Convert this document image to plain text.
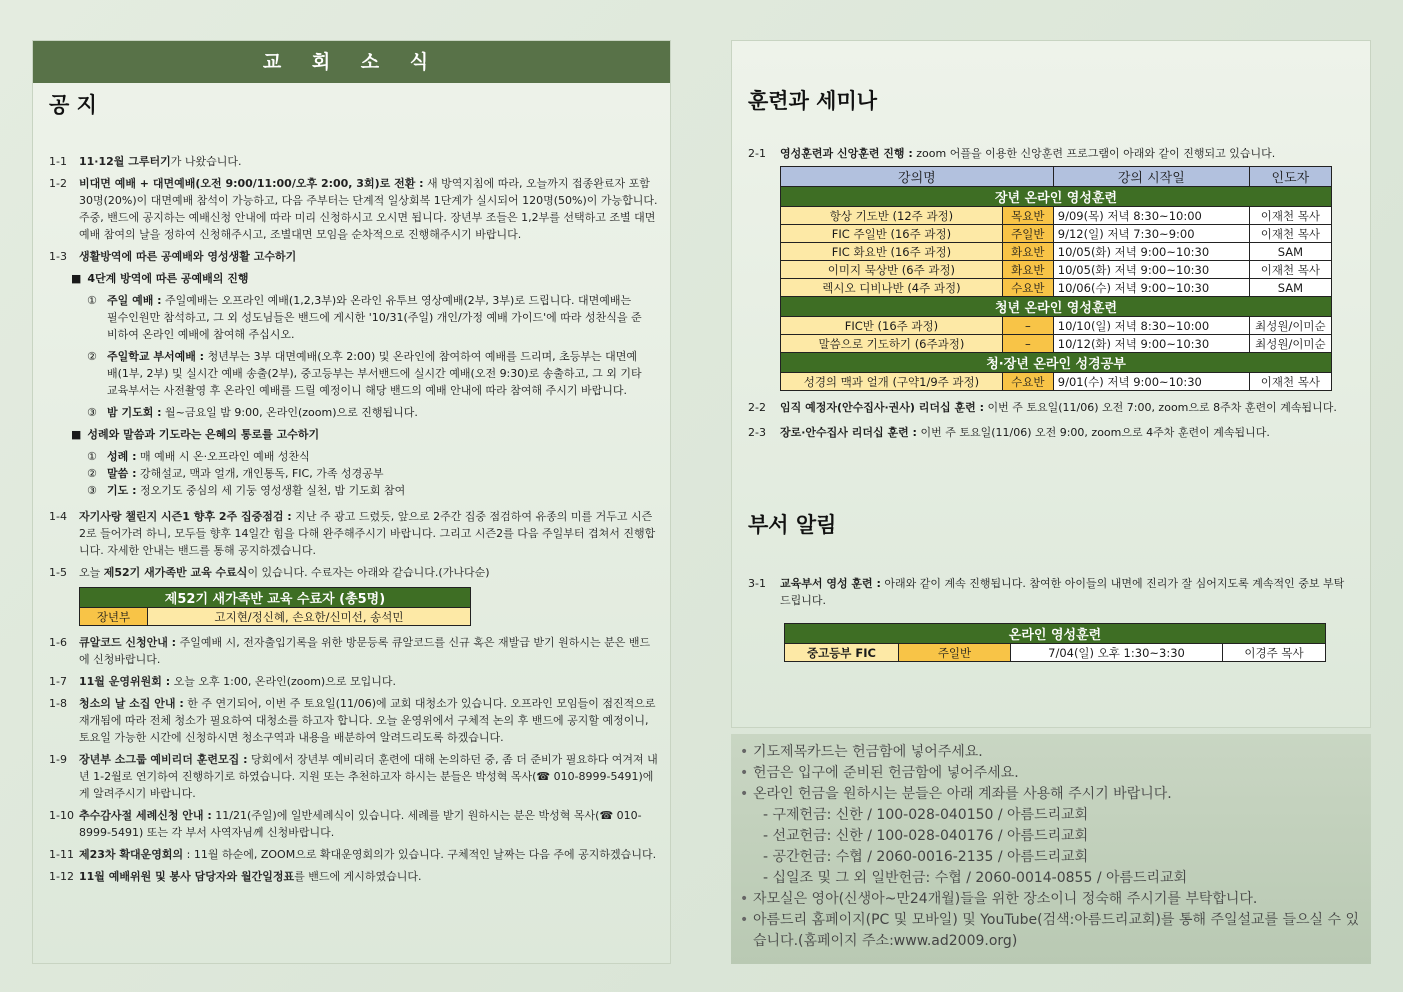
교 회 소 식
공 지
1-1 11·12월 그루터기가 나왔습니다.
1-2 비대면 예배 + 대면예배(오전 9:00/11:00/오후 2:00, 3회)로 전환 : 새 방역지침에 따라, 오늘까지 접종완료자 포함 30명(20%)이 대면예배 참석이 가능하고, 다음 주부터는 단계적 일상회복 1단계가 실시되어 120명(50%)이 가능합니다. 주중, 밴드에 공지하는 예배신청 안내에 따라 미리 신청하시고 오시면 됩니다. 장년부 조들은 1,2부를 선택하고 조별 대면예배 참여의 날을 정하여 신청해주시고, 조별대면 모임을 순차적으로 진행해주시기 바랍니다.
1-3 생활방역에 따른 공예배와 영성생활 고수하기
■ 4단계 방역에 따른 공예배의 진행
① 주일 예배 : 주일예배는 오프라인 예배(1,2,3부)와 온라인 유투브 영상예배(2부, 3부)로 드립니다. 대면예배는 필수인원만 참석하고, 그 외 성도님들은 밴드에 게시한 '10/31(주일) 개인/가정 예배 가이드'에 따라 성찬식을 준비하여 온라인 예배에 참여해 주십시오.
② 주일학교 부서예배 : 청년부는 3부 대면예배(오후 2:00) 및 온라인에 참여하여 예배를 드리며, 초등부는 대면예배(1부, 2부) 및 실시간 예배 송출(2부), 중고등부는 부서밴드에 실시간 예배(오전 9:30)로 송출하고, 그 외 기타교육부서는 사전촬영 후 온라인 예배를 드릴 예정이니 해당 밴드의 예배 안내에 따라 참여해 주시기 바랍니다.
③ 밤 기도회 : 월~금요일 밤 9:00, 온라인(zoom)으로 진행됩니다.
■ 성례와 말씀과 기도라는 은혜의 통로를 고수하기
① 성례 : 매 예배 시 온·오프라인 예배 성찬식
② 말씀 : 강해설교, 맥과 얼개, 개인통독, FIC, 가족 성경공부
③ 기도 : 정오기도 중심의 세 기둥 영성생활 실천, 밤 기도회 참여
1-4 자기사랑 챌린지 시즌1 향후 2주 집중점검 : 지난 주 광고 드렸듯, 앞으로 2주간 집중 점검하여 유종의 미를 거두고 시즌2로 들어가려 하니, 모두들 향후 14일간 힘을 다해 완주해주시기 바랍니다. 그리고 시즌2를 다음 주일부터 겹쳐서 진행합니다. 자세한 안내는 밴드를 통해 공지하겠습니다.
1-5 오늘 제52기 새가족반 교육 수료식이 있습니다. 수료자는 아래와 같습니다.(가나다순)
제52기 새가족반 교육 수료자 (총5명)
장년부	고지현/정신혜, 손요한/신미선, 송석민
1-6 큐알코드 신청안내 : 주일예배 시, 전자출입기록을 위한 방문등록 큐알코드를 신규 혹은 재발급 받기 원하시는 분은 밴드에 신청바랍니다.
1-7 11월 운영위원회 : 오늘 오후 1:00, 온라인(zoom)으로 모입니다.
1-8 청소의 날 소집 안내 : 한 주 연기되어, 이번 주 토요일(11/06)에 교회 대청소가 있습니다. 오프라인 모임들이 점진적으로 재개됨에 따라 전체 청소가 필요하여 대청소를 하고자 합니다. 오늘 운영위에서 구체적 논의 후 밴드에 공지할 예정이니, 토요일 가능한 시간에 신청하시면 청소구역과 내용을 배분하여 알려드리도록 하겠습니다.
1-9 장년부 소그룹 예비리더 훈련모집 : 당회에서 장년부 예비리더 훈련에 대해 논의하던 중, 좀 더 준비가 필요하다 여겨져 내년 1-2월로 연기하여 진행하기로 하였습니다. 지원 또는 추천하고자 하시는 분들은 박성혁 목사(☎ 010-8999-5491)에게 알려주시기 바랍니다.
1-10 추수감사절 세례신청 안내 : 11/21(주일)에 일반세례식이 있습니다. 세례를 받기 원하시는 분은 박성혁 목사(☎ 010-8999-5491) 또는 각 부서 사역자님께 신청바랍니다.
1-11 제23차 확대운영회의 : 11월 하순에, ZOOM으로 확대운영회의가 있습니다. 구체적인 날짜는 다음 주에 공지하겠습니다.
1-12 11월 예배위원 및 봉사 담당자와 월간일정표를 밴드에 게시하였습니다.
훈련과 세미나
2-1 영성훈련과 신앙훈련 진행 : zoom 어플을 이용한 신앙훈련 프로그램이 아래와 같이 진행되고 있습니다.
강의명		강의 시작일	인도자
장년 온라인 영성훈련			
항상 기도반 (12주 과정)	목요반	9/09(목) 저녁 8:30~10:00	이재천 목사
FIC 주일반 (16주 과정)	주일반	9/12(일) 저녁 7:30~9:00	이재천 목사
FIC 화요반 (16주 과정)	화요반	10/05(화) 저녁 9:00~10:30	SAM
이미지 묵상반 (6주 과정)	화요반	10/05(화) 저녁 9:00~10:30	이재천 목사
렉시오 디비나반 (4주 과정)	수요반	10/06(수) 저녁 9:00~10:30	SAM
청년 온라인 영성훈련			
FIC반 (16주 과정)	–	10/10(일) 저녁 8:30~10:00	최성원/이미순
말씀으로 기도하기 (6주과정)	–	10/12(화) 저녁 9:00~10:30	최성원/이미순
청·장년 온라인 성경공부			
성경의 맥과 얼개 (구약1/9주 과정)	수요반	9/01(수) 저녁 9:00~10:30	이재천 목사
2-2 임직 예정자(안수집사·권사) 리더십 훈련 : 이번 주 토요일(11/06) 오전 7:00, zoom으로 8주차 훈련이 계속됩니다.
2-3 장로·안수집사 리더십 훈련 : 이번 주 토요일(11/06) 오전 9:00, zoom으로 4주차 훈련이 계속됩니다.
부서 알림
3-1 교육부서 영성 훈련 : 아래와 같이 계속 진행됩니다. 참여한 아이들의 내면에 진리가 잘 심어지도록 계속적인 중보 부탁드립니다.
온라인 영성훈련
중고등부 FIC	주일반	7/04(일) 오후 1:30~3:30	이경주 목사
• 기도제목카드는 헌금함에 넣어주세요.
• 헌금은 입구에 준비된 헌금함에 넣어주세요.
• 온라인 헌금을 원하시는 분들은 아래 계좌를 사용해 주시기 바랍니다.
- 구제헌금: 신한 / 100-028-040150 / 아름드리교회
- 선교헌금: 신한 / 100-028-040176 / 아름드리교회
- 공간헌금: 수협 / 2060-0016-2135 / 아름드리교회
- 십일조 및 그 외 일반헌금: 수협 / 2060-0014-0855 / 아름드리교회
• 자모실은 영아(신생아~만24개월)들을 위한 장소이니 정숙해 주시기를 부탁합니다.
• 아름드리 홈페이지(PC 및 모바일) 및 YouTube(검색:아름드리교회)를 통해 주일설교를 들으실 수 있습니다.(홈페이지 주소:www.ad2009.org)
